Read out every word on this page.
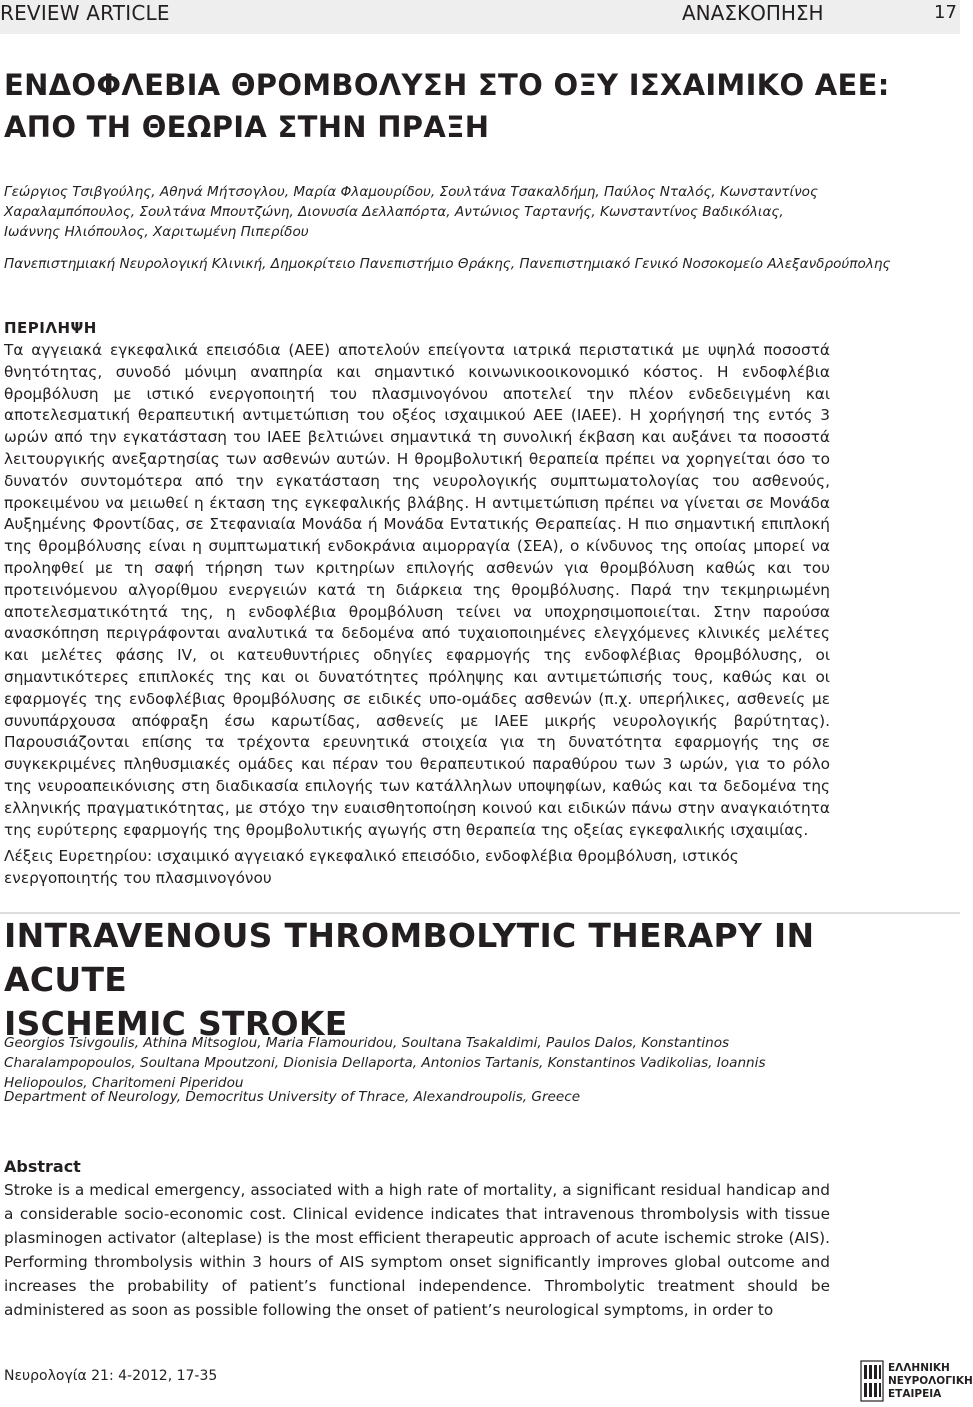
REVIEW ARTICLE	ΑΝΑΣΚΟΠΗΣΗ	17
ΕΝΔΟΦΛΕΒΙΑ ΘΡΟΜΒΟΛΥΣΗ ΣΤΟ ΟΞΥ ΙΣΧΑΙΜΙΚΟ ΑΕΕ:
ΑΠΟ ΤΗ ΘΕΩΡΙΑ ΣΤΗΝ ΠΡΑΞΗ
Γεώργιος Τσιβγούλης, Αθηνά Μήτσογλου, Μαρία Φλαμουρίδου, Σουλτάνα Τσακαλδήμη, Παύλος Νταλός, Κωνσταντίνος Χαραλαμπόπουλος, Σουλτάνα Μπουτζώνη, Διονυσία Δελλαπόρτα, Αντώνιος Ταρτανής, Κωνσταντίνος Βαδικόλιας, Ιωάννης Ηλιόπουλος, Χαριτωμένη Πιπερίδου
Πανεπιστημιακή Νευρολογική Κλινική, Δημοκρίτειο Πανεπιστήμιο Θράκης, Πανεπιστημιακό Γενικό Νοσοκομείο Αλεξανδρούπολης
ΠΕΡΙΛΗΨΗ
Τα αγγειακά εγκεφαλικά επεισόδια (ΑΕΕ) αποτελούν επείγοντα ιατρικά περιστατικά με υψηλά ποσοστά θνητότητας, συνοδό μόνιμη αναπηρία και σημαντικό κοινωνικοοικονομικό κόστος. Η ενδοφλέβια θρομβόλυση με ιστικό ενεργοποιητή του πλασμινογόνου αποτελεί την πλέον ενδεδειγμένη και αποτελεσματική θεραπευτική αντιμετώπιση του οξέος ισχαιμικού ΑΕΕ (ΙΑΕΕ). Η χορήγησή της εντός 3 ωρών από την εγκατάσταση του ΙΑΕΕ βελτιώνει σημαντικά τη συνολική έκβαση και αυξάνει τα ποσοστά λειτουργικής ανεξαρτησίας των ασθενών αυτών. Η θρομβολυτική θεραπεία πρέπει να χορηγείται όσο το δυνατόν συντομότερα από την εγκατάσταση της νευρολογικής συμπτωματολογίας του ασθενούς, προκειμένου να μειωθεί η έκταση της εγκεφαλικής βλάβης. Η αντιμετώπιση πρέπει να γίνεται σε Μονάδα Αυξημένης Φροντίδας, σε Στεφανιαία Μονάδα ή Μονάδα Εντατικής Θεραπείας. Η πιο σημαντική επιπλοκή της θρομβόλυσης είναι η συμπτωματική ενδοκράνια αιμορραγία (ΣΕΑ), ο κίνδυνος της οποίας μπορεί να προληφθεί με τη σαφή τήρηση των κριτηρίων επιλογής ασθενών για θρομβόλυση καθώς και του προτεινόμενου αλγορίθμου ενεργειών κατά τη διάρκεια της θρομβόλυσης. Παρά την τεκμηριωμένη αποτελεσματικότητά της, η ενδοφλέβια θρομβόλυση τείνει να υποχρησιμοποιείται. Στην παρούσα ανασκόπηση περιγράφονται αναλυτικά τα δεδομένα από τυχαιοποιημένες ελεγχόμενες κλινικές μελέτες και μελέτες φάσης IV, οι κατευθυντήριες οδηγίες εφαρμογής της ενδοφλέβιας θρομβόλυσης, οι σημαντικότερες επιπλοκές της και οι δυνατότητες πρόληψης και αντιμετώπισής τους, καθώς και οι εφαρμογές της ενδοφλέβιας θρομβόλυσης σε ειδικές υπο-ομάδες ασθενών (π.χ. υπερήλικες, ασθενείς με συνυπάρχουσα απόφραξη έσω καρωτίδας, ασθενείς με ΙΑΕΕ μικρής νευρολογικής βαρύτητας). Παρουσιάζονται επίσης τα τρέχοντα ερευνητικά στοιχεία για τη δυνατότητα εφαρμογής της σε συγκεκριμένες πληθυσμιακές ομάδες και πέραν του θεραπευτικού παραθύρου των 3 ωρών, για το ρόλο της νευροαπεικόνισης στη διαδικασία επιλογής των κατάλληλων υποψηφίων, καθώς και τα δεδομένα της ελληνικής πραγματικότητας, με στόχο την ευαισθητοποίηση κοινού και ειδικών πάνω στην αναγκαιότητα της ευρύτερης εφαρμογής της θρομβολυτικής αγωγής στη θεραπεία της οξείας εγκεφαλικής ισχαιμίας.
Λέξεις Ευρετηρίου: ισχαιμικό αγγειακό εγκεφαλικό επεισόδιο, ενδοφλέβια θρομβόλυση, ιστικός ενεργοποιητής του πλασμινογόνου
INTRAVENOUS THROMBOLYTIC THERAPY IN ACUTE
ISCHEMIC STROKE
Georgios Tsivgoulis, Athina Mitsoglou, Maria Flamouridou, Soultana Tsakaldimi, Paulos Dalos, Konstantinos Charalampopoulos, Soultana Mpoutzoni, Dionisia Dellaporta, Antonios Tartanis, Konstantinos Vadikolias, Ioannis Heliopoulos, Charitomeni Piperidou
Department of Neurology, Democritus University of Thrace, Alexandroupolis, Greece
Abstract
Stroke is a medical emergency, associated with a high rate of mortality, a significant residual handicap and a considerable socio-economic cost. Clinical evidence indicates that intravenous thrombolysis with tissue plasminogen activator (alteplase) is the most efficient therapeutic approach of acute ischemic stroke (AIS). Performing thrombolysis within 3 hours of AIS symptom onset significantly improves global outcome and increases the probability of patient’s functional independence. Thrombolytic treatment should be administered as soon as possible following the onset of patient’s neurological symptoms, in order to
Νευρολογία 21: 4-2012, 17-35	ΕΛΛΗΝΙΚΗ
ΝΕΥΡΟΛΟΓΙΚΗ
ΕΤΑΙΡΕΙΑ
